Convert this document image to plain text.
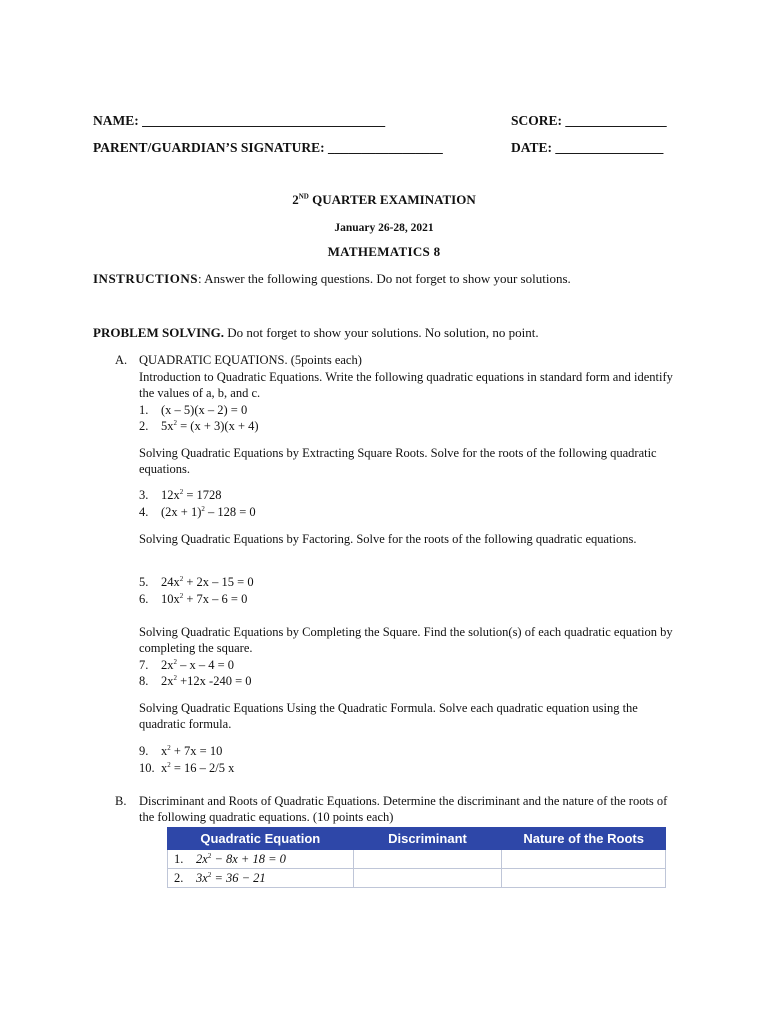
NAME: ____________________________________	SCORE: _______________
PARENT/GUARDIAN’S SIGNATURE: _________________	DATE: ________________
2ND QUARTER EXAMINATION
January 26-28, 2021
MATHEMATICS 8
INSTRUCTIONS: Answer the following questions. Do not forget to show your solutions.
PROBLEM SOLVING. Do not forget to show your solutions. No solution, no point.
A. QUADRATIC EQUATIONS. (5points each)
Introduction to Quadratic Equations. Write the following quadratic equations in standard form and identify the values of a, b, and c.
1. (x – 5)(x – 2) = 0
2. $5x^2 = (x + 3)(x + 4)$
Solving Quadratic Equations by Extracting Square Roots. Solve for the roots of the following quadratic equations.
3. $12x^2 = 1728$
4. $(2x + 1)^2 - 128 = 0$
Solving Quadratic Equations by Factoring. Solve for the roots of the following quadratic equations.
5. $24x^2 + 2x - 15 = 0$
6. $10x^2 + 7x - 6 = 0$
Solving Quadratic Equations by Completing the Square. Find the solution(s) of each quadratic equation by completing the square.
7. $2x^2 - x - 4 = 0$
8. $2x^2 +12x$ -240 = 0
Solving Quadratic Equations Using the Quadratic Formula. Solve each quadratic equation using the quadratic formula.
9. $x^2 + 7x = 10$
10. $x^2 = 16 - 2/5$ x
B. Discriminant and Roots of Quadratic Equations. Determine the discriminant and the nature of the roots of the following quadratic equations. (10 points each)
Quadratic Equation	Discriminant	Nature of the Roots
1. $2x^2 - 8x + 18 = 0$		
2. $3x^2 = 36 - 21$		
